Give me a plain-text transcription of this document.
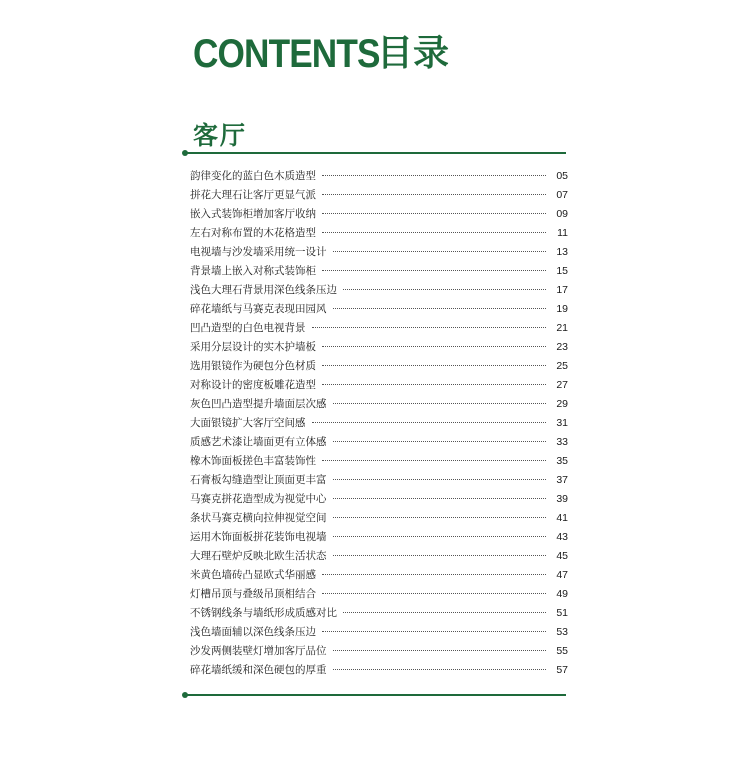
CONTENTS
目录
客厅
韵律变化的蓝白色木质造型	05
拼花大理石让客厅更显气派	07
嵌入式装饰柜增加客厅收纳	09
左右对称布置的木花格造型	11
电视墙与沙发墙采用统一设计	13
背景墙上嵌入对称式装饰柜	15
浅色大理石背景用深色线条压边	17
碎花墙纸与马赛克表现田园风	19
凹凸造型的白色电视背景	21
采用分层设计的实木护墙板	23
选用银镜作为硬包分色材质	25
对称设计的密度板雕花造型	27
灰色凹凸造型提升墙面层次感	29
大面银镜扩大客厅空间感	31
质感艺术漆让墙面更有立体感	33
橡木饰面板搓色丰富装饰性	35
石膏板勾缝造型让顶面更丰富	37
马赛克拼花造型成为视觉中心	39
条状马赛克横向拉伸视觉空间	41
运用木饰面板拼花装饰电视墙	43
大理石壁炉反映北欧生活状态	45
米黄色墙砖凸显欧式华丽感	47
灯槽吊顶与叠级吊顶相结合	49
不锈钢线条与墙纸形成质感对比	51
浅色墙面辅以深色线条压边	53
沙发两侧装壁灯增加客厅品位	55
碎花墙纸缓和深色硬包的厚重	57
